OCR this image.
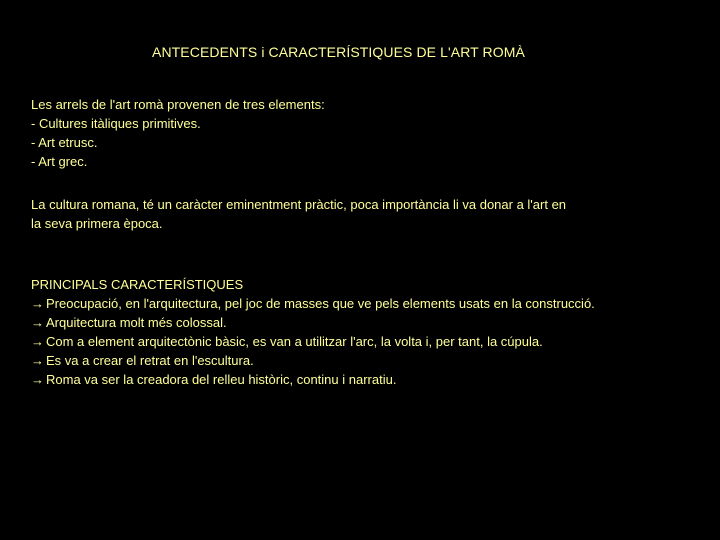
ANTECEDENTS i CARACTERÍSTIQUES DE L'ART ROMÀ
Les arrels de l'art romà provenen de tres elements:
- Cultures itàliques primitives.
- Art etrusc.
- Art grec.
La cultura romana, té un caràcter eminentment pràctic, poca importància li va donar a l'art en
la seva primera època.
PRINCIPALS CARACTERÍSTIQUES
→ Preocupació, en l'arquitectura, pel joc de masses que ve pels elements usats en la construcció.
→ Arquitectura molt més colossal.
→ Com a element arquitectònic bàsic, es van a utilitzar l'arc, la volta i, per tant, la cúpula.
→ Es va a crear el retrat en l'escultura.
→ Roma va ser la creadora del relleu històric, continu i narratiu.
